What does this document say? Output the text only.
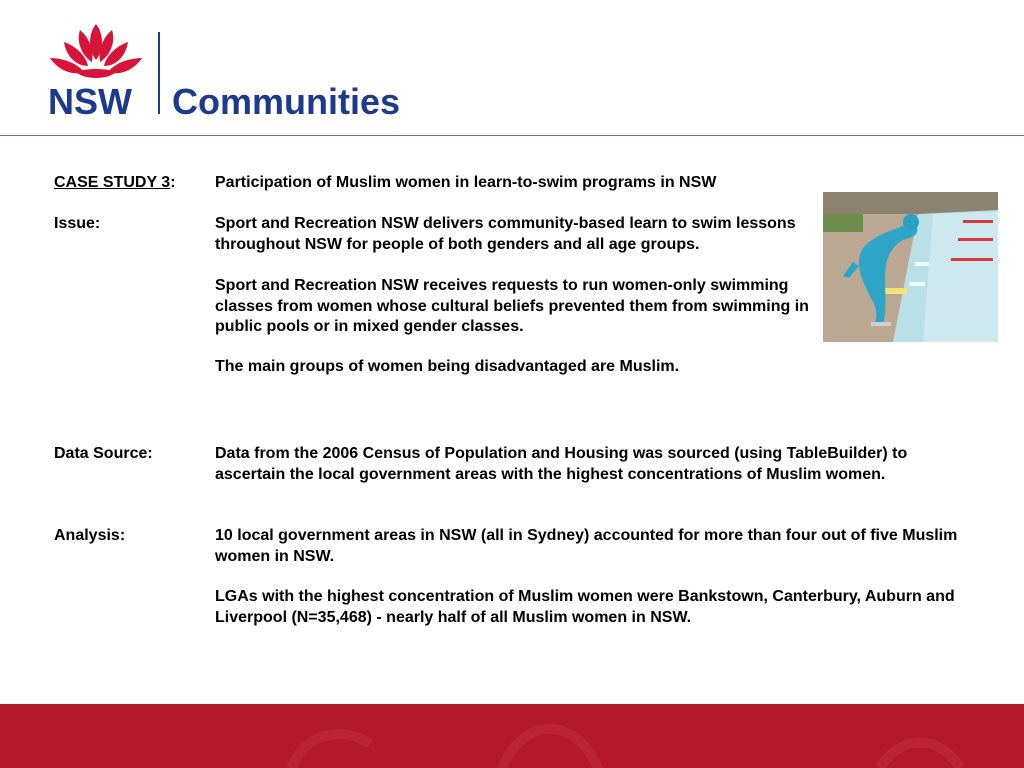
NSW Communities
CASE STUDY 3: Participation of Muslim women in learn-to-swim programs in NSW
Issue:	Sport and Recreation NSW delivers community-based learn to swim lessons throughout NSW for people of both genders and all age groups.
Sport and Recreation NSW receives requests to run women-only swimming classes from women whose cultural beliefs prevented them from swimming in public pools or in mixed gender classes.
The main groups of women being disadvantaged are Muslim.
Data Source:	Data from the 2006 Census of Population and Housing was sourced (using TableBuilder) to ascertain the local government areas with the highest concentrations of Muslim women.
Analysis:	10 local government areas in NSW (all in Sydney) accounted for more than four out of five Muslim women in NSW.
LGAs with the highest concentration of Muslim women were Bankstown, Canterbury, Auburn and Liverpool (N=35,468) - nearly half of all Muslim women in NSW.
